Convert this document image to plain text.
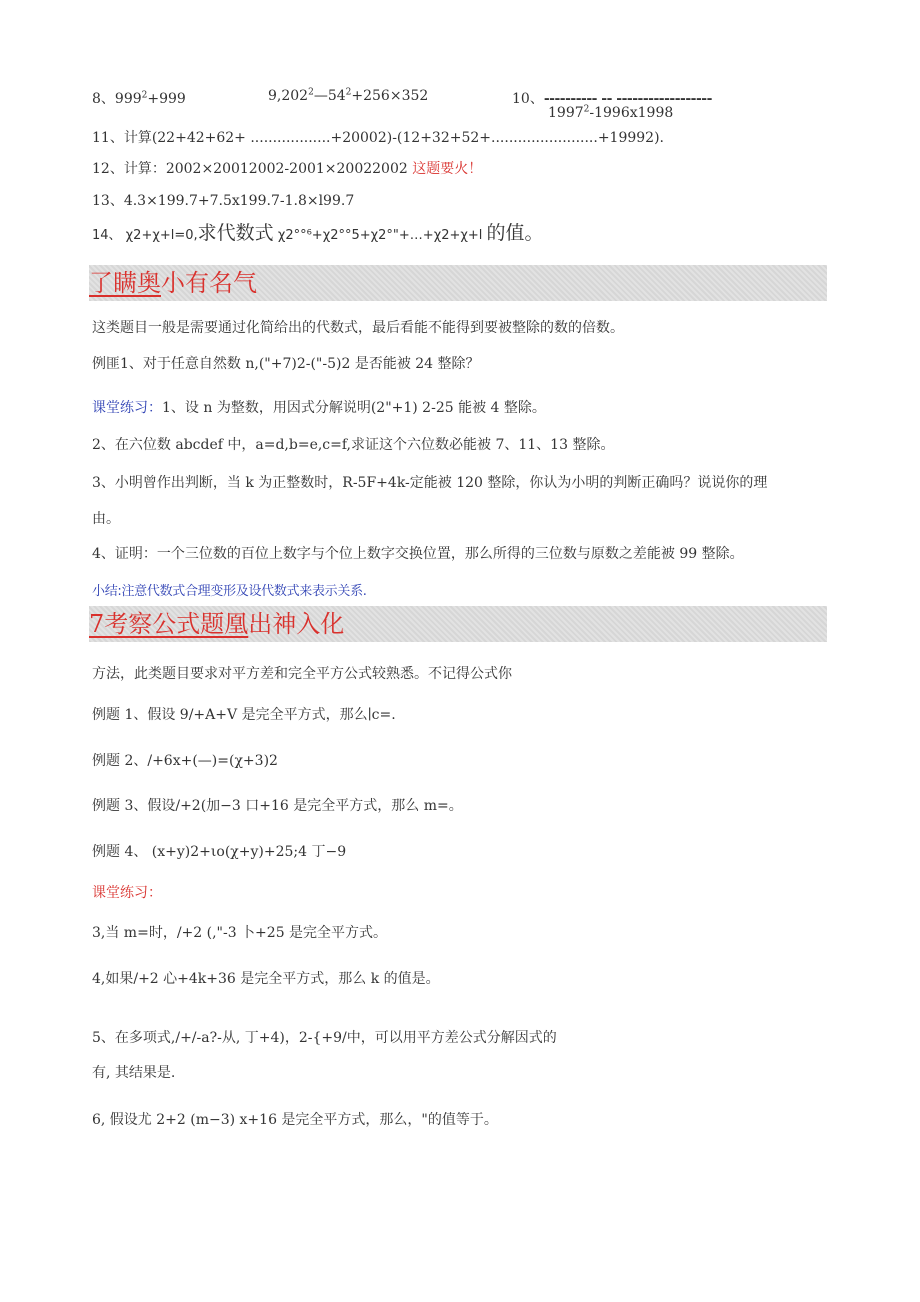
8、$999^2+999$	$9,202^2—54^2+256\times 352$	10、---------- -- ------------------
1997$^2$-1996x1998
11、计算(22+42+62+ ..................+20002)-(12+32+52+........................+19992).
12、计算：2002×20012002-2001×20022002 这题要火！
13、4.3×199.7+7.5x199.7-1.8×l99.7
14、 χ2+χ+l=0,求代数式 χ2°°⁶+χ2°°5+χ2°"+…+χ2+χ+l 的值。
了瞒奥小有名气
这类题目一般是需要通过化简给出的代数式，最后看能不能得到要被整除的数的倍数。
例匪1、对于任意自然数 n,("+7)2-("-5)2 是否能被 24 整除？
课堂练习：1、设 n 为整数，用因式分解说明(2"+1) 2-25 能被 4 整除。
2、在六位数 abcdef 中，a=d,b=e,c=f,求证这个六位数必能被 7、11、13 整除。
3、小明曾作出判断，当 k 为正整数时，R-5F+4k-定能被 120 整除，你认为小明的判断正确吗？说说你的理
由。
4、证明：一个三位数的百位上数字与个位上数字交换位置，那么所得的三位数与原数之差能被 99 整除。
小结:注意代数式合理变形及设代数式来表示关系.
7考察公式题凰出神入化
方法，此类题目要求对平方差和完全平方公式较熟悉。不记得公式你
例题 1、假设 9/+A+V 是完全平方式，那么∣c=.
例题 2、/+6x+(—)=(χ+3)2
例题 3、假设/+2(加−3 口+16 是完全平方式，那么 m=。
例题 4、 (x+y)2+ιo(χ+y)+25;4 丁−9
课堂练习：
3,当 m=时，/+2 (,"-3 卜+25 是完全平方式。
4,如果/+2 心+4k+36 是完全平方式，那么 k 的值是。
5、在多项式,/+/-a?-从, 丁+4)，2-{+9/中，可以用平方差公式分解因式的
有, 其结果是.
6, 假设尤 2+2 (m−3) x+16 是完全平方式，那么，"的值等于。
